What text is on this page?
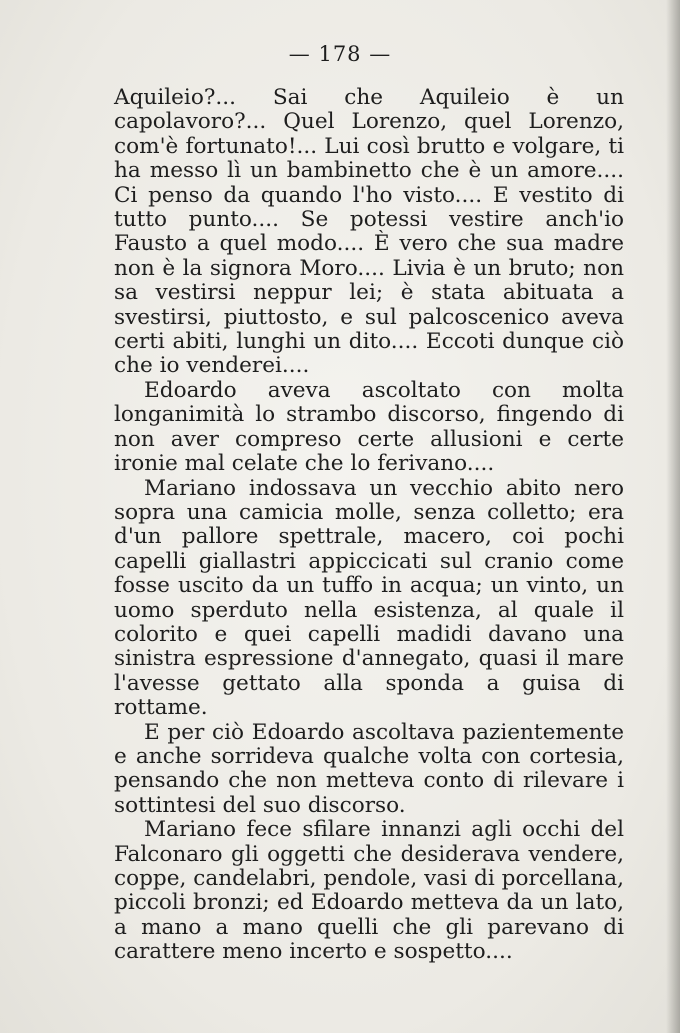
— 178 —

Aquileio?... Sai che Aquileio è un capolavoro?... Quel Lorenzo, quel Lorenzo, com'è fortunato!... Lui così brutto e volgare, ti ha messo lì un bambinetto che è un amore.... Ci penso da quando l'ho visto.... E vestito di tutto punto.... Se potessi vestire anch'io Fausto a quel modo.... È vero che sua madre non è la signora Moro.... Livia è un bruto; non sa vestirsi neppur lei; è stata abituata a svestirsi, piuttosto, e sul palcoscenico aveva certi abiti, lunghi un dito.... Eccoti dunque ciò che io venderei....

Edoardo aveva ascoltato con molta longanimità lo strambo discorso, fingendo di non aver compreso certe allusioni e certe ironie mal celate che lo ferivano....

Mariano indossava un vecchio abito nero sopra una camicia molle, senza colletto; era d'un pallore spettrale, macero, coi pochi capelli giallastri appiccicati sul cranio come fosse uscito da un tuffo in acqua; un vinto, un uomo sperduto nella esistenza, al quale il colorito e quei capelli madidi davano una sinistra espressione d'annegato, quasi il mare l'avesse gettato alla sponda a guisa di rottame.

E per ciò Edoardo ascoltava pazientemente e anche sorrideva qualche volta con cortesia, pensando che non metteva conto di rilevare i sottintesi del suo discorso.

Mariano fece sfilare innanzi agli occhi del Falconaro gli oggetti che desiderava vendere, coppe, candelabri, pendole, vasi di porcellana, piccoli bronzi; ed Edoardo metteva da un lato, a mano a mano quelli che gli parevano di carattere meno incerto e sospetto....
